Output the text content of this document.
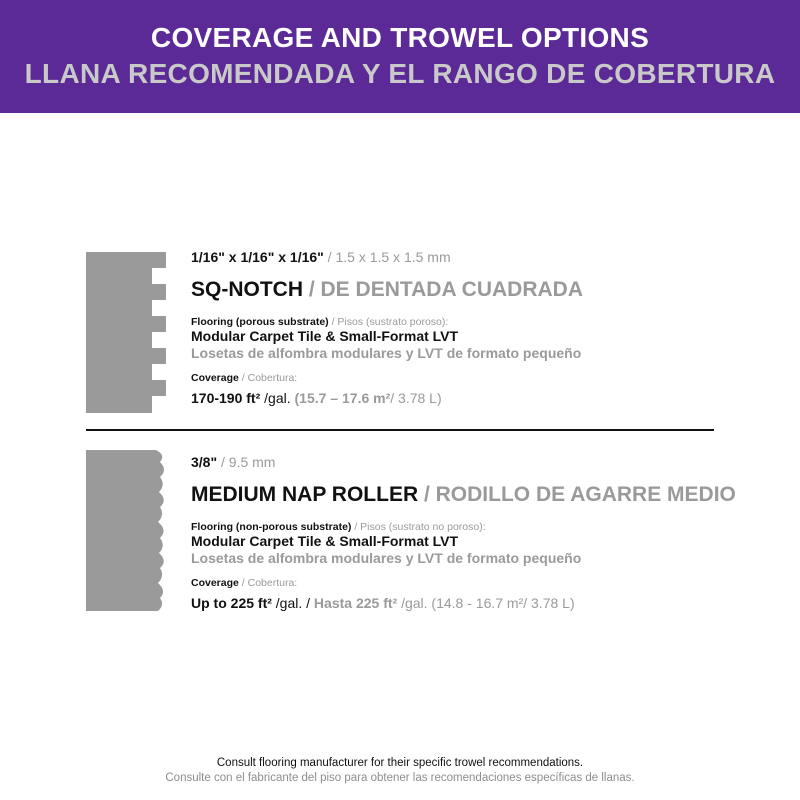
COVERAGE AND TROWEL OPTIONS
LLANA RECOMENDADA Y EL RANGO DE COBERTURA
1/16" x 1/16" x 1/16" / 1.5 x 1.5 x 1.5 mm
SQ-NOTCH / DE DENTADA CUADRADA
Flooring (porous substrate) / Pisos (sustrato poroso):
Modular Carpet Tile & Small-Format LVT
Losetas de alfombra modulares y LVT de formato pequeño
Coverage / Cobertura:
170-190 ft² /gal. (15.7 – 17.6 m²/ 3.78 L)
3/8" / 9.5 mm
MEDIUM NAP ROLLER / RODILLO DE AGARRE MEDIO
Flooring (non-porous substrate) / Pisos (sustrato no poroso):
Modular Carpet Tile & Small-Format LVT
Losetas de alfombra modulares y LVT de formato pequeño
Coverage / Cobertura:
Up to 225 ft² /gal. / Hasta 225 ft² /gal. (14.8 - 16.7 m²/ 3.78 L)
Consult flooring manufacturer for their specific trowel recommendations.
Consulte con el fabricante del piso para obtener las recomendaciones específicas de llanas.
